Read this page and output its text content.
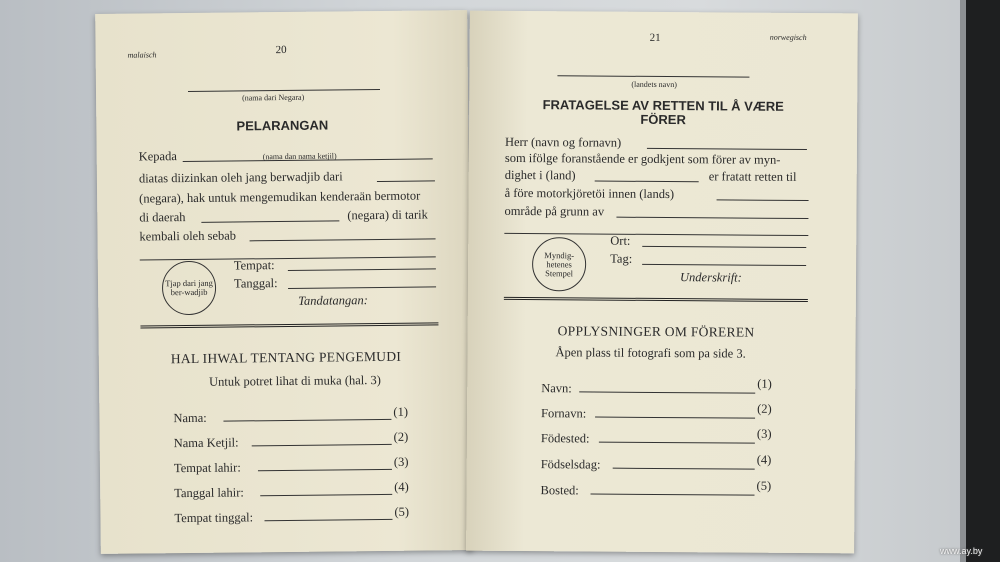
malaisch	20
(nama dari Negara)
PELARANGAN
Kepada	(nama dan nama ketjil)
diatas diizinkan oleh jang berwadjib dari
(negara), hak untuk mengemudikan kenderaän bermotor
di daerah	(negara) di tarik
kembali oleh sebab
Tjap dari jang ber-wadjib
Tempat:
Tanggal:
Tandatangan:
HAL IHWAL TENTANG PENGEMUDI
Untuk potret lihat di muka (hal. 3)
Nama:	(1)
Nama Ketjil:	(2)
Tempat lahir:	(3)
Tanggal lahir:	(4)
Tempat tinggal:	(5)
21	norwegisch
(landets navn)
FRATAGELSE AV RETTEN TIL Å VÆRE
FÖRER
Herr (navn og fornavn)
som ifölge foranstående er godkjent som förer av myn-
dighet i (land)	er fratatt retten til
å före motorkjöretöi innen (lands)
område på grunn av
Myndig-hetenes Stempel
Ort:
Tag:
Underskrift:
OPPLYSNINGER OM FÖREREN
Åpen plass til fotografi som pa side 3.
Navn:	(1)
Fornavn:	(2)
Födested:	(3)
Födselsdag:	(4)
Bosted:	(5)
www.ay.by
